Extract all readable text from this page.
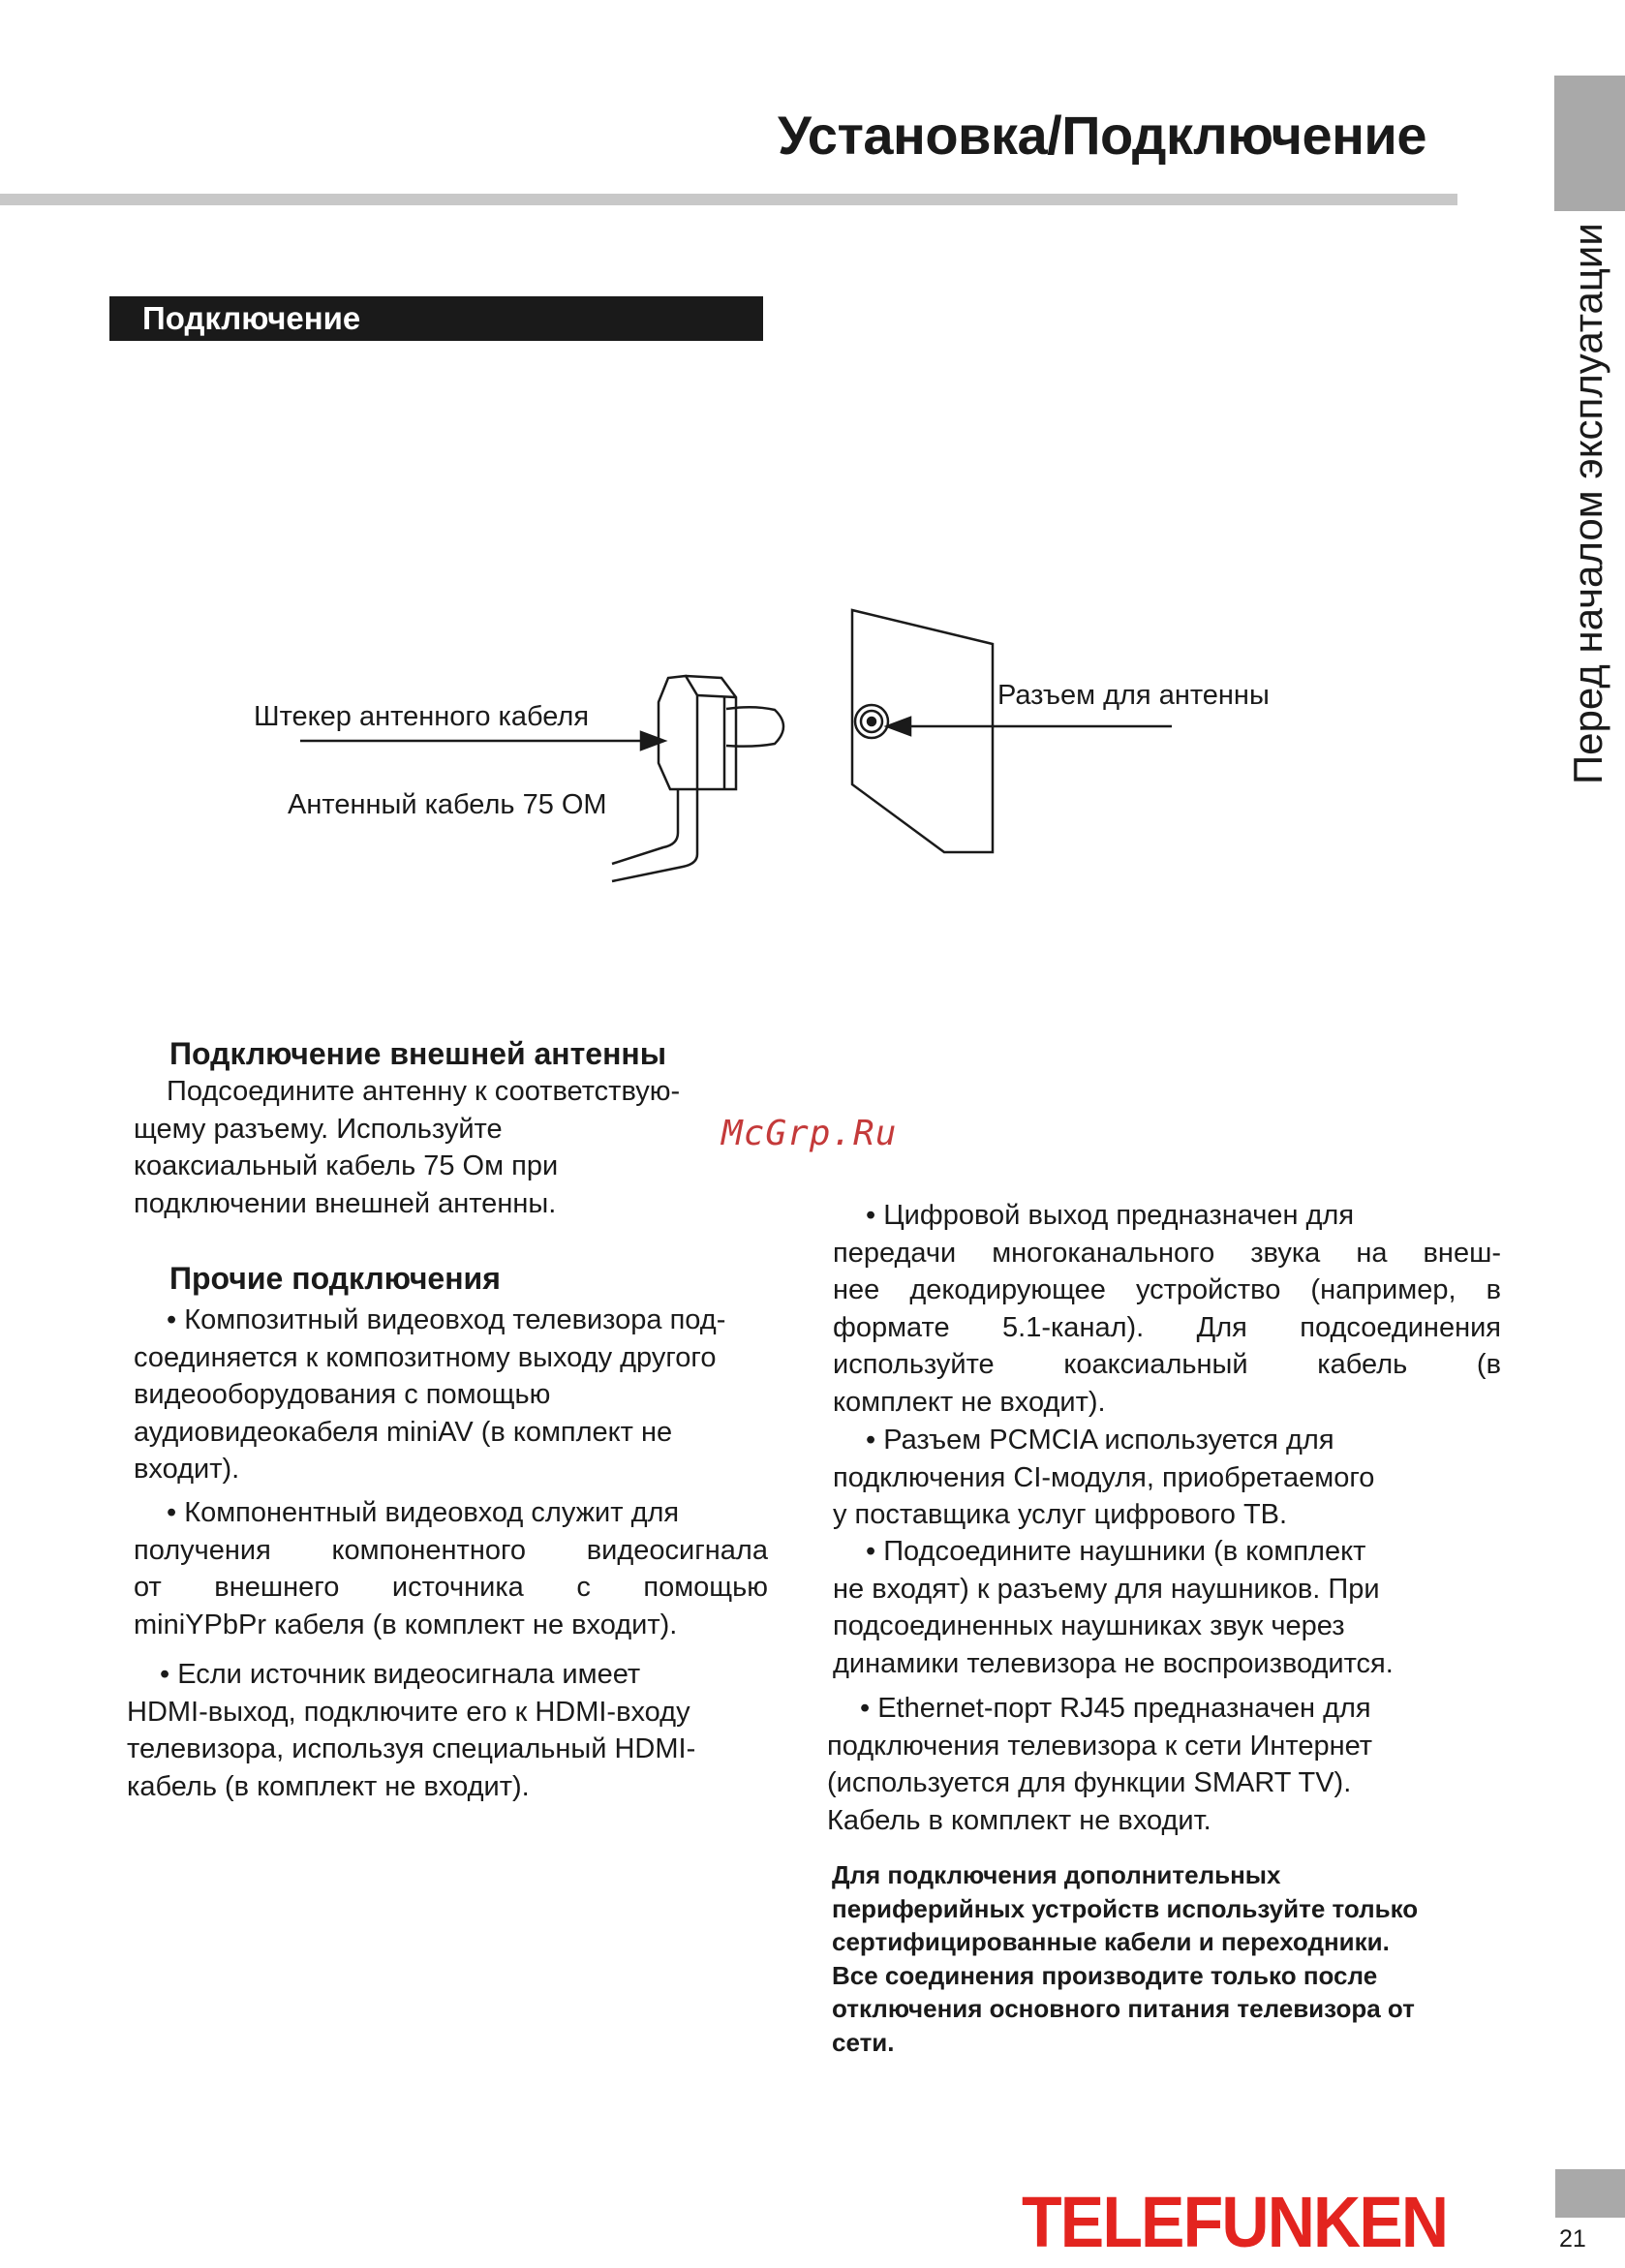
Установка/Подключение
Перед началом эксплуатации
Подключение
Штекер антенного кабеля
Антенный кабель 75 ОМ
Разъем для антенны
Подключение внешней антенны
Подсоедините антенну к соответствую-
щему разъему. Используйте
коаксиальный кабель 75 Ом при
подключении внешней антенны.
Прочие подключения
• Композитный видеовход телевизора под-
соединяется к композитному выходу другого
видеооборудования с помощью
аудиовидеокабеля miniAV (в комплект не
входит).
• Компонентный видеовход служит для
получения компонентного видеосигнала
от внешнего источника с помощью
miniYPbPr кабеля (в комплект не входит).
• Если источник видеосигнала имеет
HDMI-выход, подключите его к HDMI-входу
телевизора, используя специальный HDMI-
кабель (в комплект не входит).
McGrp.Ru
• Цифровой выход предназначен для
передачи многоканального звука на внеш-
нее декодирующее устройство (например, в
формате 5.1-канал). Для подсоединения
используйте коаксиальный кабель (в
комплект не входит).
• Разъем PCMCIA используется для
подключения CI-модуля, приобретаемого
у поставщика услуг цифрового ТВ.
• Подсоедините наушники (в комплект
не входят) к разъему для наушников. При
подсоединенных наушниках звук через
динамики телевизора не воспроизводится.
• Ethernet-порт RJ45 предназначен для
подключения телевизора к сети Интернет
(используется для функции SMART TV).
Кабель в комплект не входит.
Для подключения дополнительных
периферийных устройств используйте только
сертифицированные кабели и переходники.
Все соединения производите только после
отключения основного питания телевизора от
сети.
TELEFUNKEN	21
